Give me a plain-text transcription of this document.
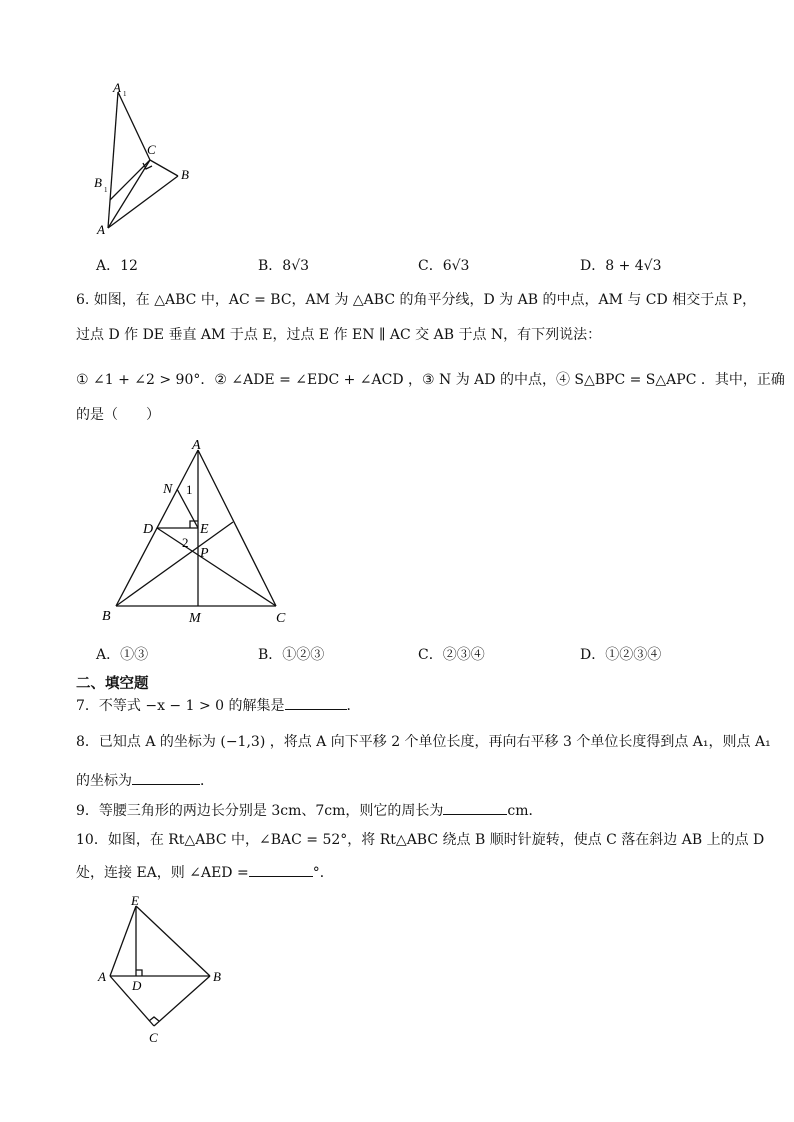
A 1
C
B 1
B
A
A．12	B．8√3	C．6√3	D．8 + 4√3
6. 如图，在 △ABC 中，AC = BC，AM 为 △ABC 的角平分线，D 为 AB 的中点，AM 与 CD 相交于点 P，
过点 D 作 DE 垂直 AM 于点 E，过点 E 作 EN ∥ AC 交 AB 于点 N，有下列说法：
① ∠1 + ∠2 > 90°．② ∠ADE = ∠EDC + ∠ACD ，③ N 为 AD 的中点，④ S△BPC = S△APC ．其中，正确
的是（　　）
A
N 1
D	E
2
P
B	M	C
A．①③	B．①②③	C．②③④	D．①②③④
二、填空题
7．不等式 −x − 1 > 0 的解集是	．
8．已知点 A 的坐标为 (−1,3) ，将点 A 向下平移 2 个单位长度，再向右平移 3 个单位长度得到点 A₁，则点 A₁
的坐标为	．
9．等腰三角形的两边长分别是 3cm、7cm，则它的周长为	cm．
10．如图，在 Rt△ABC 中，∠BAC = 52°，将 Rt△ABC 绕点 B 顺时针旋转，使点 C 落在斜边 AB 上的点 D
处，连接 EA，则 ∠AED =	°．
E
A
D
B
C
